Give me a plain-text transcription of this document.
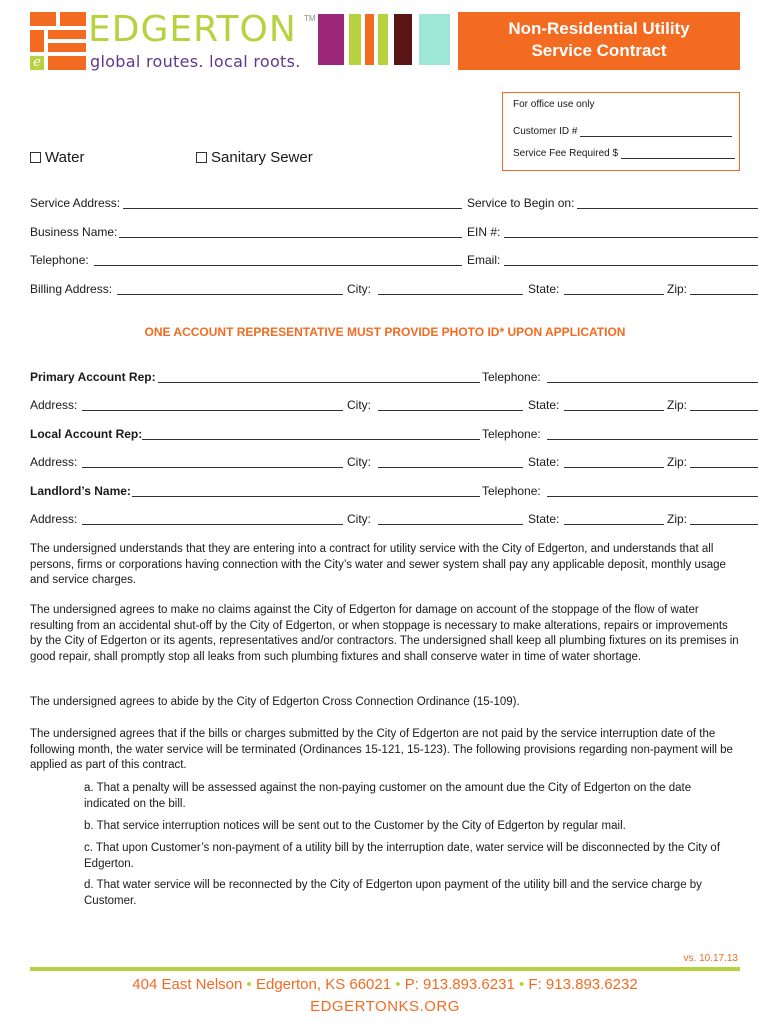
e
EDGERTON TM
global routes. local roots.
Non-Residential Utility
Service Contract
For office use only
Customer ID #
Service Fee Required $
Water	Sanitary Sewer
Service Address:	Service to Begin on:
Business Name:	EIN #:
Telephone:	Email:
Billing Address:	City:	State:	Zip:
ONE ACCOUNT REPRESENTATIVE MUST PROVIDE PHOTO ID* UPON APPLICATION
Primary Account Rep:	Telephone:
Address:	City:	State:	Zip:
Local Account Rep:	Telephone:
Address:	City:	State:	Zip:
Landlord’s Name:	Telephone:
Address:	City:	State:	Zip:
The undersigned understands that they are entering into a contract for utility service with the City of Edgerton, and understands that all persons, firms or corporations having connection with the City’s water and sewer system shall pay any applicable deposit, monthly usage and service charges.
The undersigned agrees to make no claims against the City of Edgerton for damage on account of the stoppage of the flow of water resulting from an accidental shut-off by the City of Edgerton, or when stoppage is necessary to make alterations, repairs or improvements by the City of Edgerton or its agents, representatives and/or contractors. The undersigned shall keep all plumbing fixtures on its premises in good repair, shall promptly stop all leaks from such plumbing fixtures and shall conserve water in time of water shortage.
The undersigned agrees to abide by the City of Edgerton Cross Connection Ordinance (15-109).
The undersigned agrees that if the bills or charges submitted by the City of Edgerton are not paid by the service interruption date of the following month, the water service will be terminated (Ordinances 15-121, 15-123). The following provisions regarding non-payment will be applied as part of this contract.
a. That a penalty will be assessed against the non-paying customer on the amount due the City of Edgerton on the date indicated on the bill.
b. That service interruption notices will be sent out to the Customer by the City of Edgerton by regular mail.
c. That upon Customer’s non-payment of a utility bill by the interruption date, water service will be disconnected by the City of Edgerton.
d. That water service will be reconnected by the City of Edgerton upon payment of the utility bill and the service charge by Customer.
vs. 10.17.13
404 East Nelson • Edgerton, KS 66021 • P: 913.893.6231 • F: 913.893.6232
EDGERTONKS.ORG
